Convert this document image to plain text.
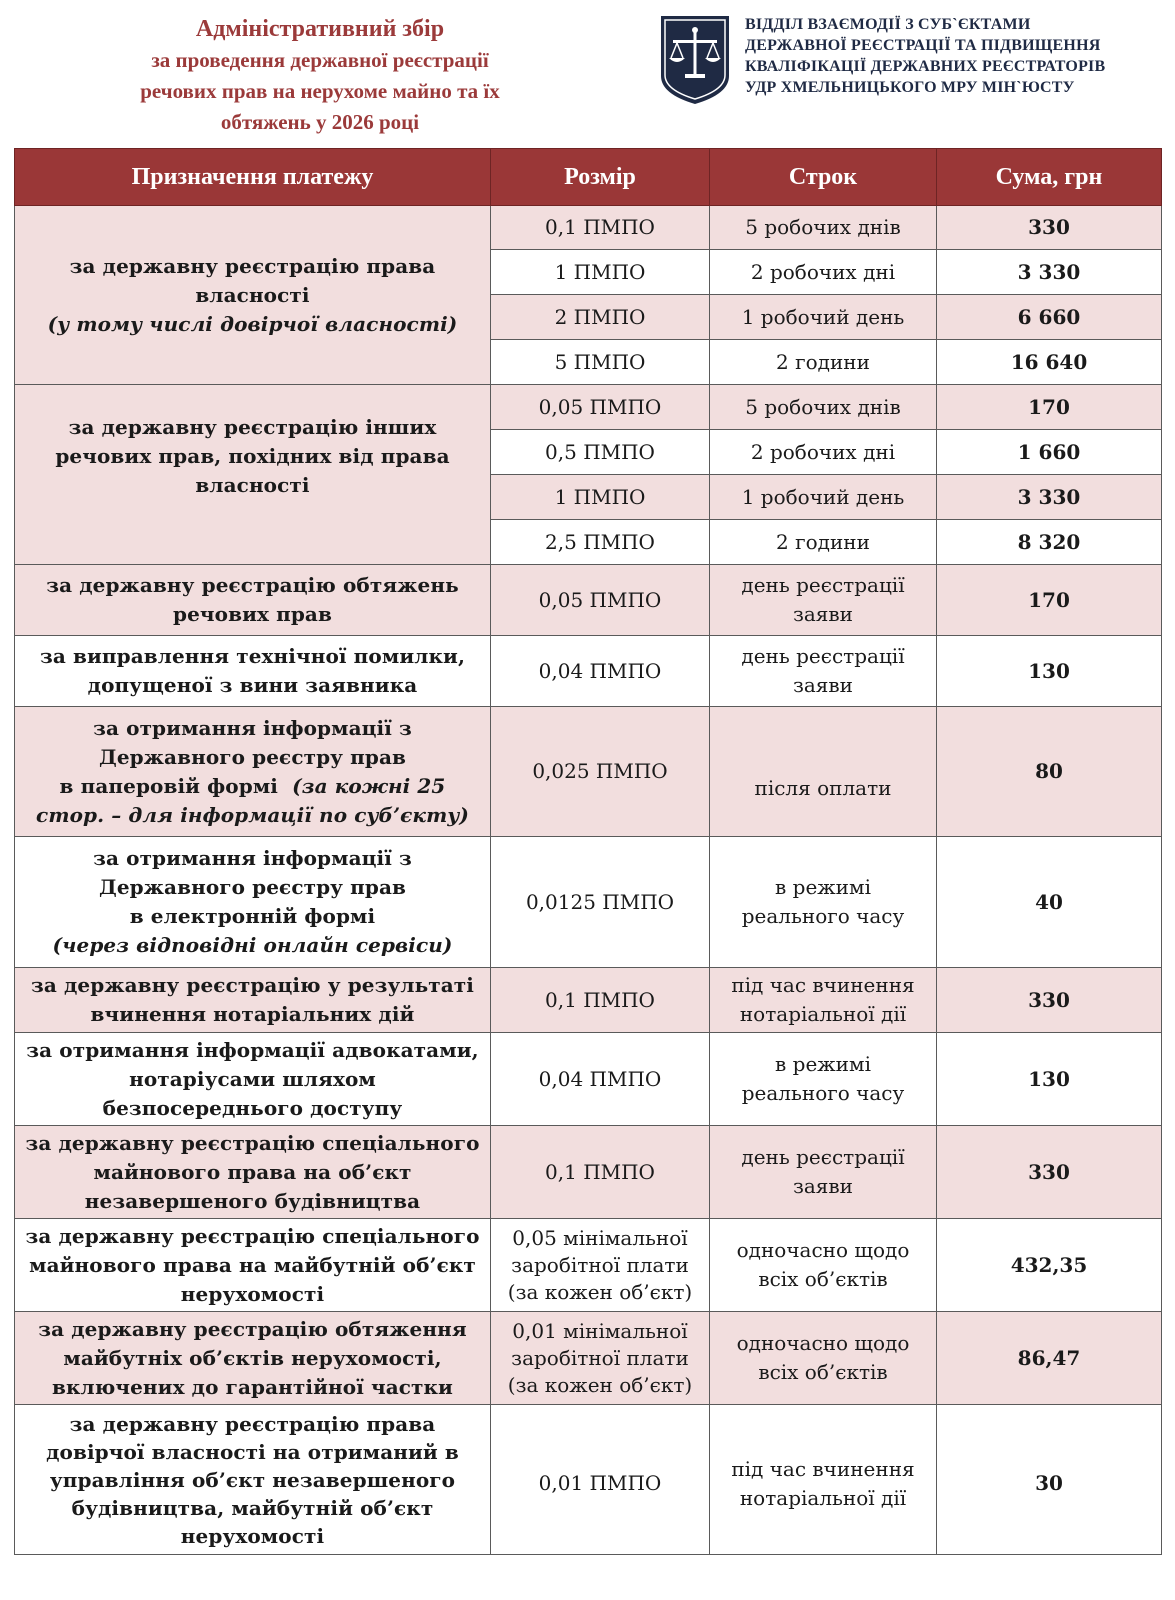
Адміністративний збір
за проведення державної реєстрації
речових прав на нерухоме майно та їх
обтяжень у 2026 році
ВІДДІЛ ВЗАЄМОДІЇ З СУБ`ЄКТАМИ
ДЕРЖАВНОЇ РЕЄСТРАЦІЇ ТА ПІДВИЩЕННЯ
КВАЛІФІКАЦІЇ ДЕРЖАВНИХ РЕЄСТРАТОРІВ
УДР ХМЕЛЬНИЦЬКОГО МРУ МІН`ЮСТУ
Призначення платежу	Розмір	Строк	Сума, грн

за державну реєстрацію права
власності
(у тому числі довірчої власності)	0,1 ПМПО	5 робочих днів	330
	1 ПМПО	2 робочих дні	3 330
	2 ПМПО	1 робочий день	6 660
	5 ПМПО	2 години	16 640

за державну реєстрацію інших
речових прав, похідних від права
власності	0,05 ПМПО	5 робочих днів	170
	0,5 ПМПО	2 робочих дні	1 660
	1 ПМПО	1 робочий день	3 330
	2,5 ПМПО	2 години	8 320

за державну реєстрацію обтяжень
речових прав	0,05 ПМПО	день реєстрації
заяви	170

за виправлення технічної помилки,
допущеної з вини заявника	0,04 ПМПО	день реєстрації
заяви	130

за отримання інформації з
Державного реєстру прав
в паперовій формі (за кожні 25
стор. – для інформації по суб’єкту)	0,025 ПМПО	після оплати	80

за отримання інформації з
Державного реєстру прав
в електронній формі
(через відповідні онлайн сервіси)	0,0125 ПМПО	в режимі
реального часу	40

за державну реєстрацію у результаті
вчинення нотаріальних дій	0,1 ПМПО	під час вчинення
нотаріальної дії	330

за отримання інформації адвокатами,
нотаріусами шляхом
безпосереднього доступу	0,04 ПМПО	в режимі
реального часу	130

за державну реєстрацію спеціального
майнового права на об’єкт
незавершеного будівництва	0,1 ПМПО	день реєстрації
заяви	330

за державну реєстрацію спеціального
майнового права на майбутній об’єкт
нерухомості	0,05 мінімальної
заробітної плати
(за кожен об’єкт)	одночасно щодо
всіх об’єктів	432,35

за державну реєстрацію обтяження
майбутніх об’єктів нерухомості,
включених до гарантійної частки	0,01 мінімальної
заробітної плати
(за кожен об’єкт)	одночасно щодо
всіх об’єктів	86,47

за державну реєстрацію права
довірчої власності на отриманий в
управління об’єкт незавершеного
будівництва, майбутній об’єкт
нерухомості	0,01 ПМПО	під час вчинення
нотаріальної дії	30
